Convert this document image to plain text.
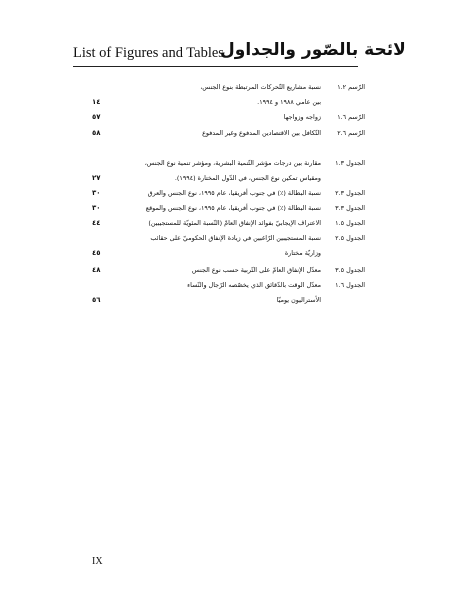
List of Figures and Tables
لائحة بالصّور والجداول
الرّسم ١.٢
نسبة مشاريع التّحركات المرتبطة بنوع الجنس،
بين عامي ١٩٨٨ و ١٩٩٤.
١٤
الرّسم ١.٦
زواجه وزواجها
٥٧
الرّسم ٢.٦
التّكافل بين الاقتصادين المدفوع وغير المدفوع
٥٨
الجدول ١.٣
مقارنة بين درجات مؤشر التّنمية البشرية، ومؤشر تنمية نوع الجنس،
ومقياس تمكين نوع الجنس، في الدّول المختارة (١٩٩٤).
٢٧
الجدول ٢.٣
نسبة البطالة (٪) في جنوب أفريقيا، عام ١٩٩٥، نوع الجنس والعرق
٣٠
الجدول ٣.٣
نسبة البطالة (٪) في جنوب أفريقيا، عام ١٩٩٥، نوع الجنس والموقع
٣٠
الجدول ١.٥
الاعتراف الإيجابيّ بفوائد الإنفاق العامّ (النّسبة المئويّة للمستجيبين)
٤٤
الجدول ٢.٥
نسبة المستجيبين الرّاغبين في زيادة الإنفاق الحكوميّ على حقائب
وزاريّة مختارة
٤٥
الجدول ٣.٥
معدّل الإنفاق العامّ على التّربية حسب نوع الجنس
٤٨
الجدول ١.٦
معدّل الوقت بالدّقائق الذي يخصّصه الرّجال والنّساء
الأستراليون يوميّا
٥٦
IX
